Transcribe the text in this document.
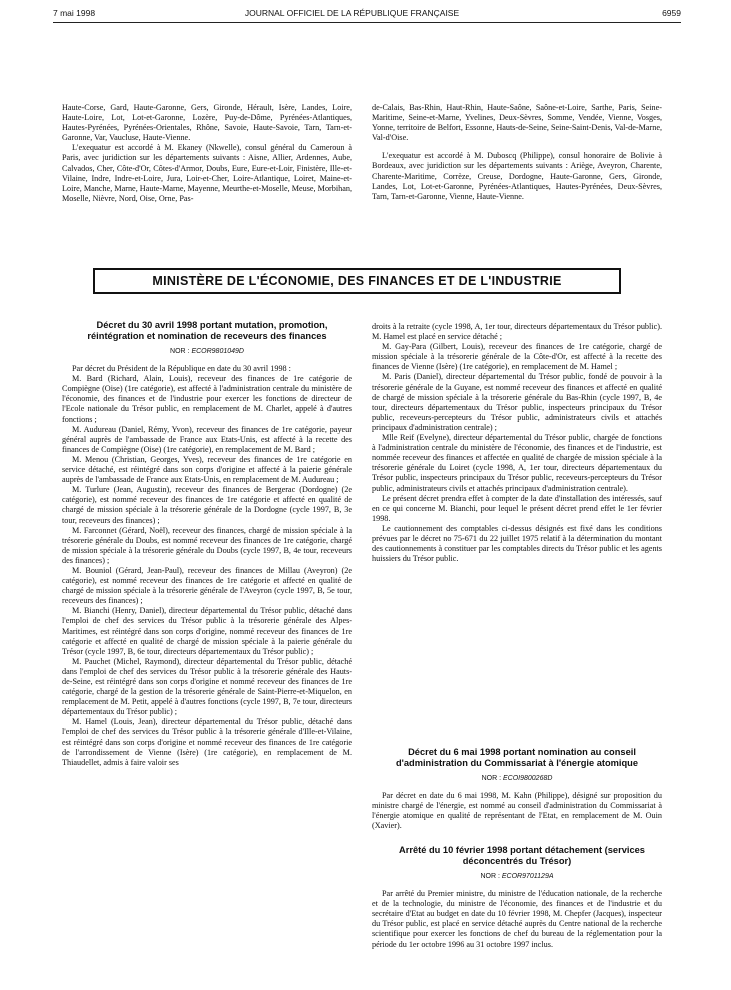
7 mai 1998	JOURNAL OFFICIEL DE LA RÉPUBLIQUE FRANÇAISE	6959

Haute-Corse, Gard, Haute-Garonne, Gers, Gironde, Hérault, Isère, Landes, Loire, Haute-Loire, Lot, Lot-et-Garonne, Lozère, Puy-de-Dôme, Pyrénées-Atlantiques, Hautes-Pyrénées, Pyrénées-Orientales, Rhône, Savoie, Haute-Savoie, Tarn, Tarn-et-Garonne, Var, Vaucluse, Haute-Vienne.

L'exequatur est accordé à M. Ekaney (Nkwelle), consul général du Cameroun à Paris, avec juridiction sur les départements suivants : Aisne, Allier, Ardennes, Aube, Calvados, Cher, Côte-d'Or, Côtes-d'Armor, Doubs, Eure, Eure-et-Loir, Finistère, Ille-et-Vilaine, Indre, Indre-et-Loire, Jura, Loir-et-Cher, Loire-Atlantique, Loiret, Maine-et-Loire, Manche, Marne, Haute-Marne, Mayenne, Meurthe-et-Moselle, Meuse, Morbihan, Moselle, Nièvre, Nord, Oise, Orne, Pas-

de-Calais, Bas-Rhin, Haut-Rhin, Haute-Saône, Saône-et-Loire, Sarthe, Paris, Seine-Maritime, Seine-et-Marne, Yvelines, Deux-Sèvres, Somme, Vendée, Vienne, Vosges, Yonne, territoire de Belfort, Essonne, Hauts-de-Seine, Seine-Saint-Denis, Val-de-Marne, Val-d'Oise.

L'exequatur est accordé à M. Duboscq (Philippe), consul honoraire de Bolivie à Bordeaux, avec juridiction sur les départements suivants : Ariège, Aveyron, Charente, Charente-Maritime, Corrèze, Creuse, Dordogne, Haute-Garonne, Gers, Gironde, Landes, Lot, Lot-et-Garonne, Pyrénées-Atlantiques, Hautes-Pyrénées, Deux-Sèvres, Tarn, Tarn-et-Garonne, Vienne, Haute-Vienne.

MINISTÈRE DE L'ÉCONOMIE, DES FINANCES ET DE L'INDUSTRIE

Décret du 30 avril 1998 portant mutation, promotion, réintégration et nomination de receveurs des finances

NOR : ECOR9801049D

Par décret du Président de la République en date du 30 avril 1998 :

M. Bard (Richard, Alain, Louis), receveur des finances de 1re catégorie de Compiègne (Oise) (1re catégorie), est affecté à l'administration centrale du ministère de l'économie, des finances et de l'industrie pour exercer les fonctions de directeur de l'Ecole nationale du Trésor public, en remplacement de M. Charlet, appelé à d'autres fonctions ;

M. Audureau (Daniel, Rémy, Yvon), receveur des finances de 1re catégorie, payeur général auprès de l'ambassade de France aux Etats-Unis, est affecté à la recette des finances de Compiègne (Oise) (1re catégorie), en remplacement de M. Bard ;

M. Menou (Christian, Georges, Yves), receveur des finances de 1re catégorie en service détaché, est réintégré dans son corps d'origine et affecté à la paierie générale auprès de l'ambassade de France aux Etats-Unis, en remplacement de M. Audureau ;

M. Turlure (Jean, Augustin), receveur des finances de Bergerac (Dordogne) (2e catégorie), est nommé receveur des finances de 1re catégorie et affecté en qualité de chargé de mission spéciale à la trésorerie générale de la Dordogne (cycle 1997, B, 3e tour, receveurs des finances) ;

M. Farconnet (Gérard, Noël), receveur des finances, chargé de mission spéciale à la trésorerie générale du Doubs, est nommé receveur des finances de 1re catégorie, chargé de mission spéciale à la trésorerie générale du Doubs (cycle 1997, B, 4e tour, receveurs des finances) ;

M. Bouniol (Gérard, Jean-Paul), receveur des finances de Millau (Aveyron) (2e catégorie), est nommé receveur des finances de 1re catégorie et affecté en qualité de chargé de mission spéciale à la trésorerie générale de l'Aveyron (cycle 1997, B, 5e tour, receveurs des finances) ;

M. Bianchi (Henry, Daniel), directeur départemental du Trésor public, détaché dans l'emploi de chef des services du Trésor public à la trésorerie générale des Alpes-Maritimes, est réintégré dans son corps d'origine, nommé receveur des finances de 1re catégorie et affecté en qualité de chargé de mission spéciale à la paierie générale du Trésor (cycle 1997, B, 6e tour, directeurs départementaux du Trésor public) ;

M. Pauchet (Michel, Raymond), directeur départemental du Trésor public, détaché dans l'emploi de chef des services du Trésor public à la trésorerie générale des Hauts-de-Seine, est réintégré dans son corps d'origine et nommé receveur des finances de 1re catégorie, chargé de la gestion de la trésorerie générale de Saint-Pierre-et-Miquelon, en remplacement de M. Petit, appelé à d'autres fonctions (cycle 1997, B, 7e tour, directeurs départementaux du Trésor public) ;

M. Hamel (Louis, Jean), directeur départemental du Trésor public, détaché dans l'emploi de chef des services du Trésor public à la trésorerie générale d'Ille-et-Vilaine, est réintégré dans son corps d'origine et nommé receveur des finances de 1re catégorie de l'arrondissement de Vienne (Isère) (1re catégorie), en remplacement de M. Thiaudellet, admis à faire valoir ses

droits à la retraite (cycle 1998, A, 1er tour, directeurs départementaux du Trésor public). M. Hamel est placé en service détaché ;

M. Gay-Para (Gilbert, Louis), receveur des finances de 1re catégorie, chargé de mission spéciale à la trésorerie générale de la Côte-d'Or, est affecté à la recette des finances de Vienne (Isère) (1re catégorie), en remplacement de M. Hamel ;

M. Paris (Daniel), directeur départemental du Trésor public, fondé de pouvoir à la trésorerie générale de la Guyane, est nommé receveur des finances et affecté en qualité de chargé de mission spéciale à la trésorerie générale du Bas-Rhin (cycle 1997, B, 4e tour, directeurs départementaux du Trésor public, inspecteurs principaux du Trésor public, receveurs-percepteurs du Trésor public, administrateurs civils et attachés principaux d'administration centrale) ;

Mlle Reif (Evelyne), directeur départemental du Trésor public, chargée de fonctions à l'administration centrale du ministère de l'économie, des finances et de l'industrie, est nommée receveur des finances et affectée en qualité de chargée de mission spéciale à la trésorerie générale du Loiret (cycle 1998, A, 1er tour, directeurs départementaux du Trésor public, inspecteurs principaux du Trésor public, receveurs-percepteurs du Trésor public, administrateurs civils et attachés principaux d'administration centrale).

Le présent décret prendra effet à compter de la date d'installation des intéressés, sauf en ce qui concerne M. Bianchi, pour lequel le présent décret prend effet le 1er février 1998.

Le cautionnement des comptables ci-dessus désignés est fixé dans les conditions prévues par le décret no 75-671 du 22 juillet 1975 relatif à la détermination du montant des cautionnements à constituer par les comptables directs du Trésor public et les agents huissiers du Trésor public.

Décret du 6 mai 1998 portant nomination au conseil d'administration du Commissariat à l'énergie atomique

NOR : ECOI9800268D

Par décret en date du 6 mai 1998, M. Kahn (Philippe), désigné sur proposition du ministre chargé de l'énergie, est nommé au conseil d'administration du Commissariat à l'énergie atomique en qualité de représentant de l'Etat, en remplacement de M. Ouin (Xavier).

Arrêté du 10 février 1998 portant détachement (services déconcentrés du Trésor)

NOR : ECOR9701129A

Par arrêté du Premier ministre, du ministre de l'éducation nationale, de la recherche et de la technologie, du ministre de l'économie, des finances et de l'industrie et du secrétaire d'Etat au budget en date du 10 février 1998, M. Chepfer (Jacques), inspecteur du Trésor public, est placé en service détaché auprès du Centre national de la recherche scientifique pour exercer les fonctions de chef du bureau de la réglementation pour la période du 1er octobre 1996 au 31 octobre 1997 inclus.
